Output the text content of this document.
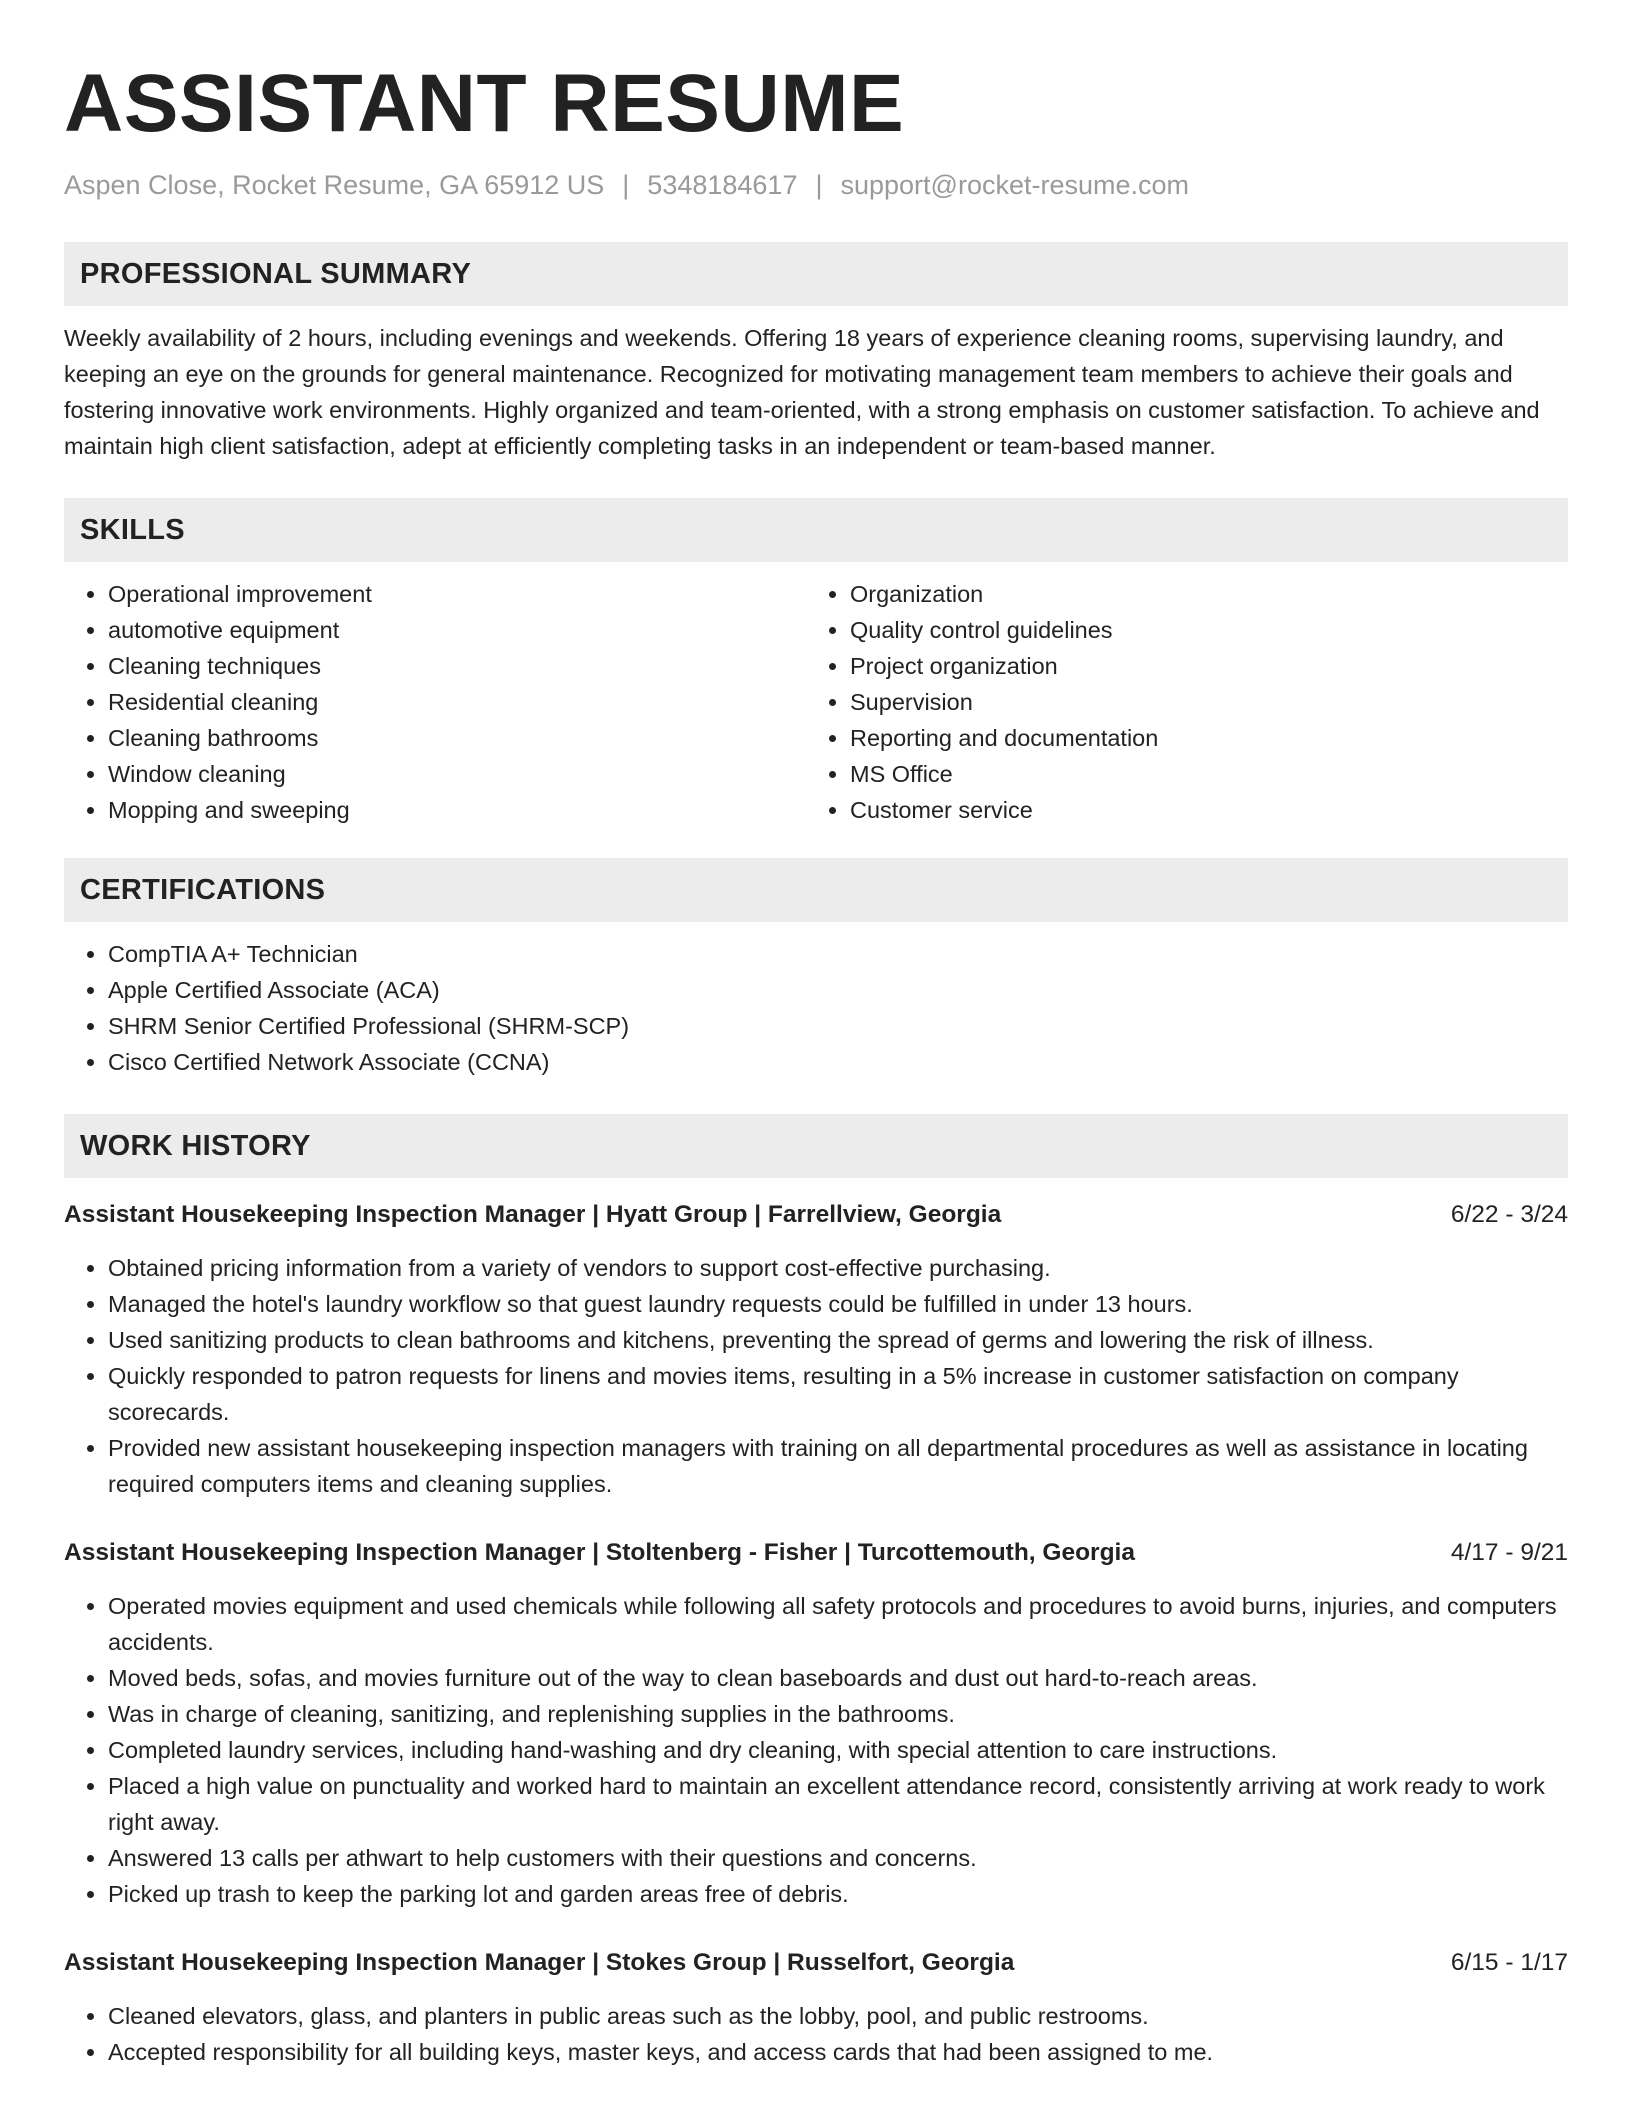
ASSISTANT RESUME
Aspen Close, Rocket Resume, GA 65912 US | 5348184617 | support@rocket-resume.com
PROFESSIONAL SUMMARY
Weekly availability of 2 hours, including evenings and weekends. Offering 18 years of experience cleaning rooms, supervising laundry, and keeping an eye on the grounds for general maintenance. Recognized for motivating management team members to achieve their goals and fostering innovative work environments. Highly organized and team-oriented, with a strong emphasis on customer satisfaction. To achieve and maintain high client satisfaction, adept at efficiently completing tasks in an independent or team-based manner.
SKILLS
• Operational improvement
• automotive equipment
• Cleaning techniques
• Residential cleaning
• Cleaning bathrooms
• Window cleaning
• Mopping and sweeping
• Organization
• Quality control guidelines
• Project organization
• Supervision
• Reporting and documentation
• MS Office
• Customer service
CERTIFICATIONS
• CompTIA A+ Technician
• Apple Certified Associate (ACA)
• SHRM Senior Certified Professional (SHRM-SCP)
• Cisco Certified Network Associate (CCNA)
WORK HISTORY
Assistant Housekeeping Inspection Manager | Hyatt Group | Farrellview, Georgia	6/22 - 3/24
• Obtained pricing information from a variety of vendors to support cost-effective purchasing.
• Managed the hotel's laundry workflow so that guest laundry requests could be fulfilled in under 13 hours.
• Used sanitizing products to clean bathrooms and kitchens, preventing the spread of germs and lowering the risk of illness.
• Quickly responded to patron requests for linens and movies items, resulting in a 5% increase in customer satisfaction on company scorecards.
• Provided new assistant housekeeping inspection managers with training on all departmental procedures as well as assistance in locating required computers items and cleaning supplies.
Assistant Housekeeping Inspection Manager | Stoltenberg - Fisher | Turcottemouth, Georgia	4/17 - 9/21
• Operated movies equipment and used chemicals while following all safety protocols and procedures to avoid burns, injuries, and computers accidents.
• Moved beds, sofas, and movies furniture out of the way to clean baseboards and dust out hard-to-reach areas.
• Was in charge of cleaning, sanitizing, and replenishing supplies in the bathrooms.
• Completed laundry services, including hand-washing and dry cleaning, with special attention to care instructions.
• Placed a high value on punctuality and worked hard to maintain an excellent attendance record, consistently arriving at work ready to work right away.
• Answered 13 calls per athwart to help customers with their questions and concerns.
• Picked up trash to keep the parking lot and garden areas free of debris.
Assistant Housekeeping Inspection Manager | Stokes Group | Russelfort, Georgia	6/15 - 1/17
• Cleaned elevators, glass, and planters in public areas such as the lobby, pool, and public restrooms.
• Accepted responsibility for all building keys, master keys, and access cards that had been assigned to me.
